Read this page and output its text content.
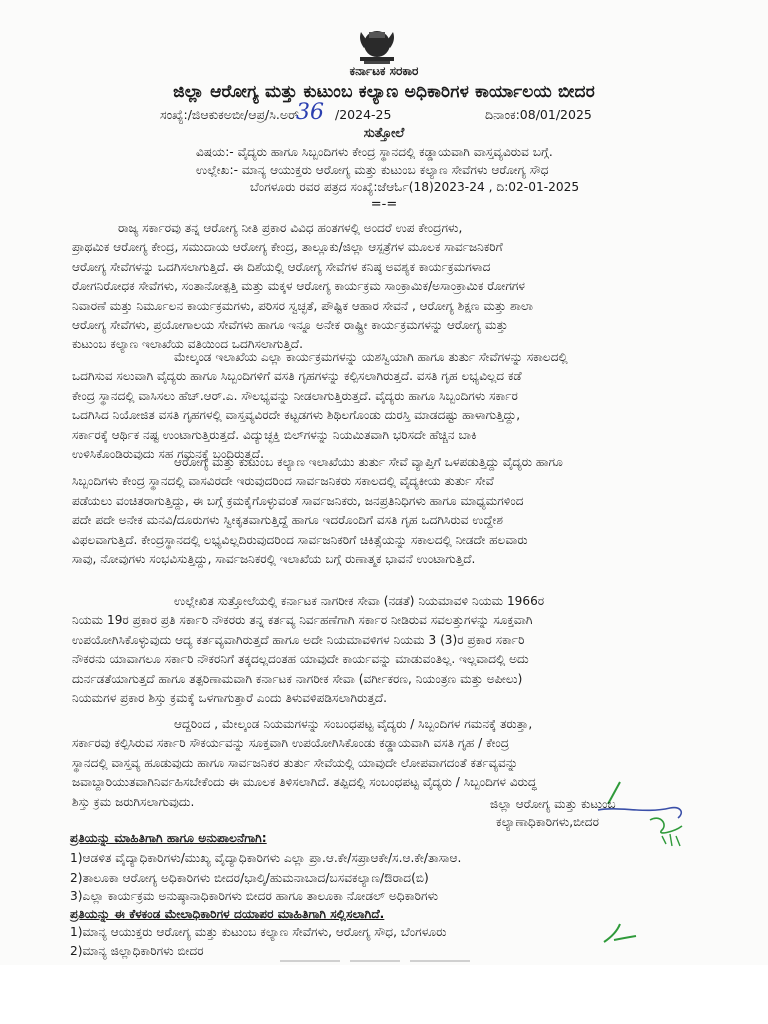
ಕರ್ನಾಟಕ ಸರಕಾರ
ಜಿಲ್ಲಾ ಆರೋಗ್ಯ ಮತ್ತು ಕುಟುಂಬ ಕಲ್ಯಾಣ ಅಧಿಕಾರಿಗಳ ಕಾರ್ಯಾಲಯ ಬೀದರ
ಸಂಖ್ಯೆ:/ಜಿಆಕುಕಅಬೀ/ಆಪ್ರ/ಸಿ.ಅರ್
36 /2024-25	ದಿನಾಂಕ:08/01/2025
ಸುತ್ತೋಲೆ
ವಿಷಯ:- ವೈದ್ಯರು ಹಾಗೂ ಸಿಬ್ಬಂದಿಗಳು ಕೇಂದ್ರ ಸ್ಥಾನದಲ್ಲಿ ಕಡ್ಡಾಯವಾಗಿ ವಾಸ್ತವ್ಯವಿರುವ ಬಗ್ಗೆ.
ಉಲ್ಲೇಖ:- ಮಾನ್ಯ ಆಯುಕ್ತರು ಆರೋಗ್ಯ ಮತ್ತು ಕುಟುಂಬ ಕಲ್ಯಾಣ ಸೇವೆಗಳು ಆರೋಗ್ಯ ಸೌಧ
ಬೆಂಗಳೂರು ರವರ ಪತ್ರದ ಸಂಖ್ಯೆ:ಜೆಆರ್ಓ(18)2023-24 , ದಿ:02-01-2025
=-=
ರಾಜ್ಯ ಸರ್ಕಾರವು ತನ್ನ ಆರೋಗ್ಯ ನೀತಿ ಪ್ರಕಾರ ವಿವಿಧ ಹಂತಗಳಲ್ಲಿ ಅಂದರೆ ಉಪ ಕೇಂದ್ರಗಳು,
ಪ್ರಾಥಮಿಕ ಆರೋಗ್ಯ ಕೇಂದ್ರ, ಸಮುದಾಯ ಆರೋಗ್ಯ ಕೇಂದ್ರ, ತಾಲ್ಲೂಕು/ಜಿಲ್ಲಾ ಆಸ್ಪತ್ರೆಗಳ ಮೂಲಕ ಸಾರ್ವಜನಿಕರಿಗೆ
ಆರೋಗ್ಯ ಸೇವೆಗಳನ್ನು ಒದಗಿಸಲಾಗುತ್ತಿದೆ. ಈ ದಿಶೆಯಲ್ಲಿ ಆರೋಗ್ಯ ಸೇವೆಗಳ ಕನಿಷ್ಠ ಅವಶ್ಯಕ ಕಾರ್ಯಕ್ರಮಗಳಾದ
ರೋಗನಿರೋಧಕ ಸೇವೆಗಳು, ಸಂತಾನೋತ್ಪತ್ತಿ ಮತ್ತು ಮಕ್ಕಳ ಆರೋಗ್ಯ ಕಾರ್ಯಕ್ರಮ ಸಾಂಕ್ರಾಮಿಕ/ಅಸಾಂಕ್ರಾಮಿಕ ರೋಗಗಳ
ನಿವಾರಣೆ ಮತ್ತು ನಿರ್ಮೂಲನ ಕಾರ್ಯಕ್ರಮಗಳು, ಪರಿಸರ ಸ್ವಚ್ಛತೆ, ಪೌಷ್ಟಿಕ ಆಹಾರ ಸೇವನೆ , ಆರೋಗ್ಯ ಶಿಕ್ಷಣ ಮತ್ತು ಶಾಲಾ
ಆರೋಗ್ಯ ಸೇವೆಗಳು, ಪ್ರಯೋಗಾಲಯ ಸೇವೆಗಳು ಹಾಗೂ ಇನ್ನೂ ಅನೇಕ ರಾಷ್ಟ್ರೀ ಕಾರ್ಯಕ್ರಮಗಳನ್ನು ಆರೋಗ್ಯ ಮತ್ತು
ಕುಟುಂಬ ಕಲ್ಯಾಣ ಇಲಾಖೆಯ ವತಿಯಿಂದ ಒದಗಿಸಲಾಗುತ್ತಿದೆ.
ಮೇಲ್ಕಂಡ ಇಲಾಖೆಯ ಎಲ್ಲಾ ಕಾರ್ಯಕ್ರಮಗಳನ್ನು ಯಶಸ್ವಿಯಾಗಿ ಹಾಗೂ ತುರ್ತು ಸೇವೆಗಳನ್ನು ಸಕಾಲದಲ್ಲಿ
ಒದಗಿಸುವ ಸಲುವಾಗಿ ವೈದ್ಯರು ಹಾಗೂ ಸಿಬ್ಬಂದಿಗಳಿಗೆ ವಸತಿ ಗೃಹಗಳನ್ನು ಕಲ್ಪಿಸಲಾಗಿರುತ್ತದೆ. ವಸತಿ ಗೃಹ ಲಭ್ಯವಿಲ್ಲದ ಕಡೆ
ಕೇಂದ್ರ ಸ್ಥಾನದಲ್ಲಿ ವಾಸಿಸಲು ಹೆಚ್.ಆರ್.ಎ. ಸೌಲಭ್ಯವನ್ನು ನೀಡಲಾಗುತ್ತಿರುತ್ತದೆ. ವೈದ್ಯರು ಹಾಗೂ ಸಿಬ್ಬಂದಿಗಳು ಸರ್ಕಾರ
ಒದಗಿಸಿದ ನಿಯೋಜಿತ ವಸತಿ ಗೃಹಗಳಲ್ಲಿ ವಾಸ್ತವ್ಯವಿರದೇ ಕಟ್ಟಡಗಳು ಶಿಥಿಲಗೊಂಡು ದುರಸ್ತಿ ಮಾಡದಷ್ಟು ಹಾಳಾಗುತ್ತಿದ್ದು,
ಸರ್ಕಾರಕ್ಕೆ ಆರ್ಥಿಕ ನಷ್ಟ ಉಂಟಾಗುತ್ತಿರುತ್ತದೆ. ವಿದ್ಯುಚ್ಛಕ್ತಿ ಬಿಲ್‌ಗಳನ್ನು ನಿಯಮಿತವಾಗಿ ಭರಿಸದೇ ಹೆಚ್ಚಿನ ಬಾಕಿ
ಉಳಿಸಿಕೊಂಡಿರುವುದು ಸಹ ಗಮನಕ್ಕೆ ಬಂದಿರುತ್ತದೆ.
ಆರೋಗ್ಯ ಮತ್ತು ಕುಟುಂಬ ಕಲ್ಯಾಣ ಇಲಾಖೆಯು ತುರ್ತು ಸೇವೆ ವ್ಯಾಪ್ತಿಗೆ ಒಳಪಡುತ್ತಿದ್ದು ವೈದ್ಯರು ಹಾಗೂ
ಸಿಬ್ಬಂದಿಗಳು ಕೇಂದ್ರ ಸ್ಥಾನದಲ್ಲಿ ವಾಸವಿರದೇ ಇರುವುದರಿಂದ ಸಾರ್ವಜನಿಕರು ಸಕಾಲದಲ್ಲಿ ವೈದ್ಯಕೀಯ ತುರ್ತು ಸೇವೆ
ಪಡೆಯಲು ವಂಚಿತರಾಗುತ್ತಿದ್ದು, ಈ ಬಗ್ಗೆ ಕ್ರಮಕೈಗೊಳ್ಳುವಂತೆ ಸಾರ್ವಜನಿಕರು, ಜನಪ್ರತಿನಿಧಿಗಳು ಹಾಗೂ ಮಾಧ್ಯಮಗಳಿಂದ
ಪದೇ ಪದೇ ಅನೇಕ ಮನವಿ/ದೂರುಗಳು ಸ್ವೀಕೃತವಾಗುತ್ತಿದ್ದೆ ಹಾಗೂ ಇದರೊಂದಿಗೆ ವಸತಿ ಗೃಹ ಒದಗಿಸಿರುವ ಉದ್ದೇಶ
ವಿಫಲವಾಗುತ್ತಿದೆ. ಕೇಂದ್ರಸ್ಥಾನದಲ್ಲಿ ಲಭ್ಯವಿಲ್ಲದಿರುವುದರಿಂದ ಸಾರ್ವಜನಿಕರಿಗೆ ಚಿಕಿತ್ಸೆಯನ್ನು ಸಕಾಲದಲ್ಲಿ ನೀಡದೇ ಹಲವಾರು
ಸಾವು, ನೋವುಗಳು ಸಂಭವಿಸುತ್ತಿದ್ದು, ಸಾರ್ವಜನಿಕರಲ್ಲಿ ಇಲಾಖೆಯ ಬಗ್ಗೆ ರುಣಾತ್ಮಕ ಭಾವನೆ ಉಂಟಾಗುತ್ತಿದೆ.
ಉಲ್ಲೇಖಿತ ಸುತ್ತೋಲೆಯಲ್ಲಿ ಕರ್ನಾಟಕ ನಾಗರೀಕ ಸೇವಾ (ನಡತೆ) ನಿಯಮಾವಳಿ ನಿಯಮ 1966ರ
ನಿಯಮ 19ರ ಪ್ರಕಾರ ಪ್ರತಿ ಸರ್ಕಾರಿ ನೌಕರರು ತನ್ನ ಕರ್ತವ್ಯ ನಿರ್ವಹಣೆಗಾಗಿ ಸರ್ಕಾರ ನೀಡಿರುವ ಸವಲತ್ತುಗಳನ್ನು ಸೂಕ್ತವಾಗಿ
ಉಪಯೋಗಿಸಿಕೊಳ್ಳುವುದು ಆದ್ಯ ಕರ್ತವ್ಯವಾಗಿರುತ್ತದೆ ಹಾಗೂ ಅದೇ ನಿಯಮಾವಳಿಗಳ ನಿಯಮ 3 (3)ರ ಪ್ರಕಾರ ಸರ್ಕಾರಿ
ನೌಕರನು ಯಾವಾಗಲೂ ಸರ್ಕಾರಿ ನೌಕರನಿಗೆ ತಕ್ಕದಲ್ಲದಂತಹ ಯಾವುದೇ ಕಾರ್ಯವನ್ನು ಮಾಡುವಂತಿಲ್ಲ. ಇಲ್ಲವಾದಲ್ಲಿ ಅದು
ದುರ್ನಡತೆಯಾಗುತ್ತದೆ ಹಾಗೂ ತತ್ಪರಿಣಾಮವಾಗಿ ಕರ್ನಾಟಕ ನಾಗರೀಕ ಸೇವಾ (ವರ್ಗೀಕರಣ, ನಿಯಂತ್ರಣ ಮತ್ತು ಅಪೀಲು)
ನಿಯಮಗಳ ಪ್ರಕಾರ ಶಿಸ್ತು ಕ್ರಮಕ್ಕೆ ಒಳಗಾಗುತ್ತಾರೆ ಎಂದು ತಿಳುವಳಿಪಡಿಸಲಾಗಿರುತ್ತದೆ.
ಆದ್ದರಿಂದ , ಮೇಲ್ಕಂಡ ನಿಯಮಗಳನ್ನು ಸಂಬಂಧಪಟ್ಟ ವೈದ್ಯರು / ಸಿಬ್ಬಂದಿಗಳ ಗಮನಕ್ಕೆ ತರುತ್ತಾ,
ಸರ್ಕಾರವು ಕಲ್ಪಿಸಿರುವ ಸರ್ಕಾರಿ ಸೌಕರ್ಯವನ್ನು ಸೂಕ್ತವಾಗಿ ಉಪಯೋಗಿಸಿಕೊಂಡು ಕಡ್ಡಾಯವಾಗಿ ವಸತಿ ಗೃಹ / ಕೇಂದ್ರ
ಸ್ಥಾನದಲ್ಲಿ ವಾಸ್ತವ್ಯ ಹೂಡುವುದು ಹಾಗೂ ಸಾರ್ವಜನಿಕರ ತುರ್ತು ಸೇವೆಯಲ್ಲಿ ಯಾವುದೇ ಲೋಪವಾಗದಂತೆ ಕರ್ತವ್ಯವನ್ನು
ಜವಾಬ್ದಾರಿಯುತವಾಗಿನಿರ್ವಹಿಸಬೇಕೆಂದು ಈ ಮೂಲಕ ತಿಳಿಸಲಾಗಿದೆ. ತಪ್ಪಿದಲ್ಲಿ ಸಂಬಂಧಪಟ್ಟ ವೈದ್ಯರು / ಸಿಬ್ಬಂದಿಗಳ ವಿರುದ್ಧ
ಶಿಸ್ತು ಕ್ರಮ ಜರುಗಿಸಲಾಗುವುದು.	ಜಿಲ್ಲಾ ಆರೋಗ್ಯ ಮತ್ತು ಕುಟುಂಬ
ಕಲ್ಯಾಣಾಧಿಕಾರಿಗಳು,ಬೀದರ
ಪ್ರತಿಯನ್ನು ಮಾಹಿತಿಗಾಗಿ ಹಾಗೂ ಅನುಪಾಲನೆಗಾಗಿ:
1)ಆಡಳಿತ ವೈದ್ಯಾಧಿಕಾರಿಗಳು/ಮುಖ್ಯ ವೈದ್ಯಾಧಿಕಾರಿಗಳು ಎಲ್ಲಾ ಪ್ರಾ.ಆ.ಕೇ/ಸಪ್ರಾಆಕೇ/ಸ.ಆ.ಕೇ/ತಾಸಾಆ.
2)ತಾಲೂಕಾ ಆರೋಗ್ಯ ಅಧಿಕಾರಿಗಳು ಬೀದರ/ಭಾಲ್ಕಿ/ಹುಮನಾಬಾದ/ಬಸವಕಲ್ಯಾಣ/ಔರಾದ(ಬಿ)
3)ಎಲ್ಲಾ ಕಾರ್ಯಕ್ರಮ ಅನುಷ್ಠಾನಾಧಿಕಾರಿಗಳು ಬೀದರ ಹಾಗೂ ತಾಲೂಕಾ ನೋಡಲ್ ಅಧಿಕಾರಿಗಳು
ಪ್ರತಿಯನ್ನು ಈ ಕೆಳಕಂಡ ಮೇಲಾಧಿಕಾರಿಗಳ ದಯಾಪರ ಮಾಹಿತಿಗಾಗಿ ಸಲ್ಲಿಸಲಾಗಿದೆ.
1)ಮಾನ್ಯ ಆಯುಕ್ತರು ಆರೋಗ್ಯ ಮತ್ತು ಕುಟುಂಬ ಕಲ್ಯಾಣ ಸೇವೆಗಳು, ಆರೋಗ್ಯ ಸೌಧ, ಬೆಂಗಳೂರು
2)ಮಾನ್ಯ ಜಿಲ್ಲಾಧಿಕಾರಿಗಳು ಬೀದರ
